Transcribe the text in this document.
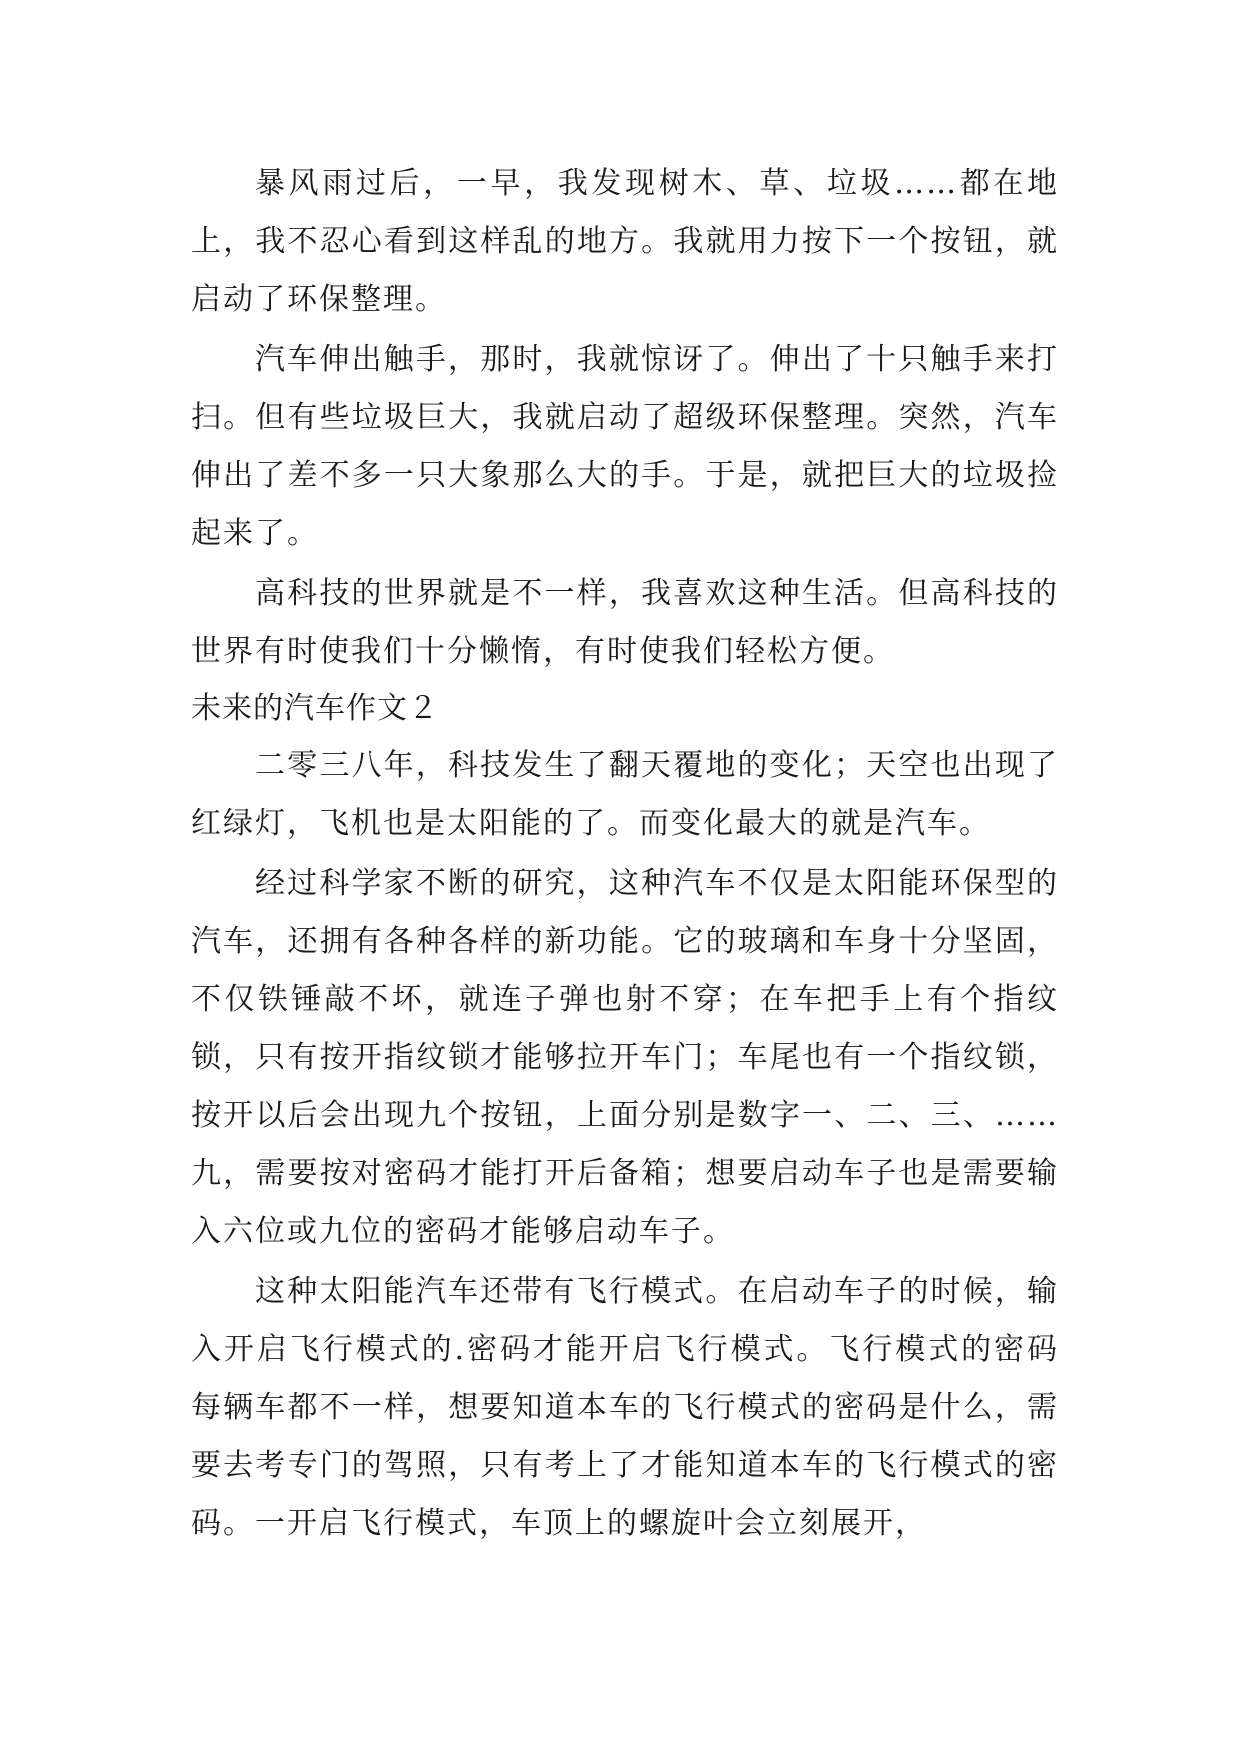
暴风雨过后，一早，我发现树木、草、垃圾……都在地上，我不忍心看到这样乱的地方。我就用力按下一个按钮，就启动了环保整理。

汽车伸出触手，那时，我就惊讶了。伸出了十只触手来打扫。但有些垃圾巨大，我就启动了超级环保整理。突然，汽车伸出了差不多一只大象那么大的手。于是，就把巨大的垃圾捡起来了。

高科技的世界就是不一样，我喜欢这种生活。但高科技的世界有时使我们十分懒惰，有时使我们轻松方便。

未来的汽车作文２

二零三八年，科技发生了翻天覆地的变化；天空也出现了红绿灯，飞机也是太阳能的了。而变化最大的就是汽车。

经过科学家不断的研究，这种汽车不仅是太阳能环保型的汽车，还拥有各种各样的新功能。它的玻璃和车身十分坚固，不仅铁锤敲不坏，就连子弹也射不穿；在车把手上有个指纹锁，只有按开指纹锁才能够拉开车门；车尾也有一个指纹锁，按开以后会出现九个按钮，上面分别是数字一、二、三、……九，需要按对密码才能打开后备箱；想要启动车子也是需要输入六位或九位的密码才能够启动车子。

这种太阳能汽车还带有飞行模式。在启动车子的时候，输入开启飞行模式的.密码才能开启飞行模式。飞行模式的密码每辆车都不一样，想要知道本车的飞行模式的密码是什么，需要去考专门的驾照，只有考上了才能知道本车的飞行模式的密码。一开启飞行模式，车顶上的螺旋叶会立刻展开，
